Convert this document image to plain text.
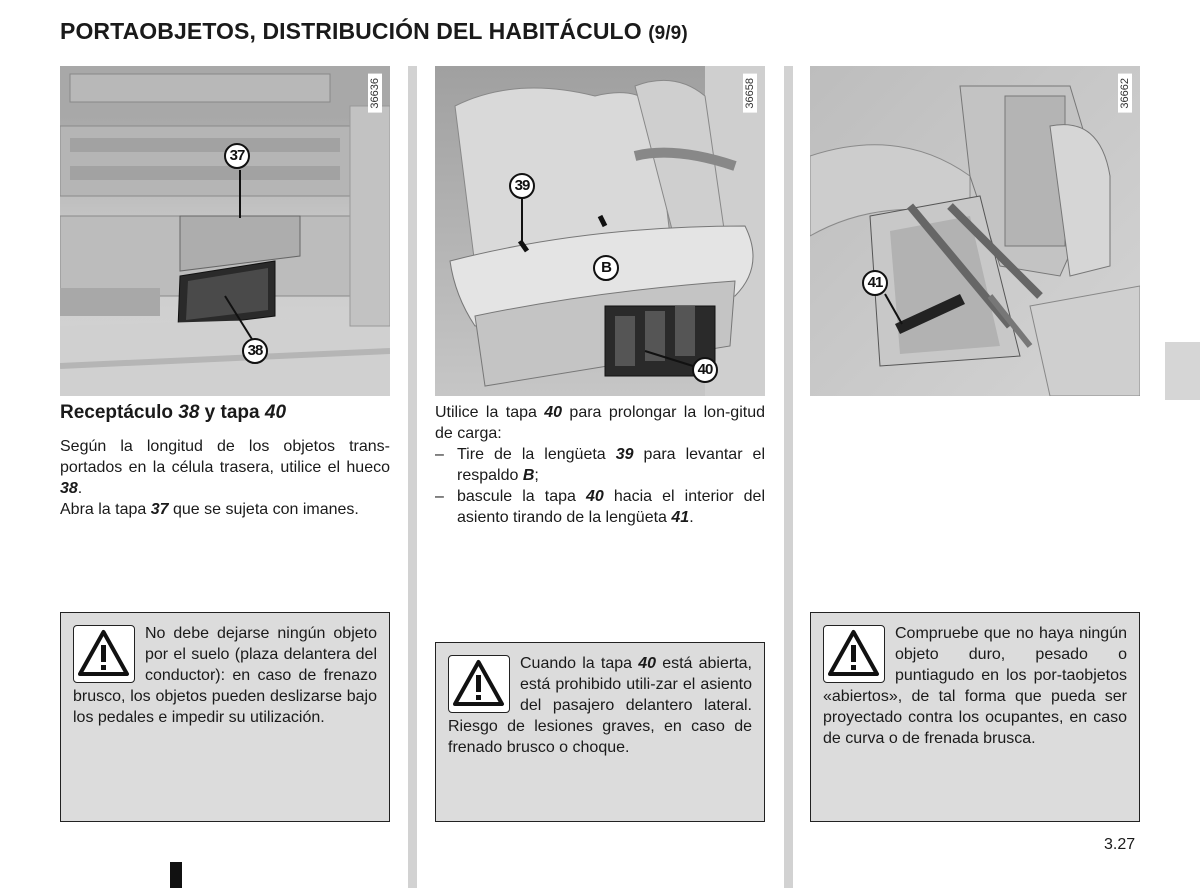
PORTAOBJETOS, DISTRIBUCIÓN DEL HABITÁCULO (9/9)
36636
37
38
36658
39
B
40
36662
41
Receptáculo 38 y tapa 40

Según la longitud de los objetos trans-portados en la célula trasera, utilice el hueco 38.

Abra la tapa 37 que se sujeta con imanes.

Utilice la tapa 40 para prolongar la lon-gitud de carga:

– Tire de la lengüeta 39 para levantar el respaldo B;
– bascule la tapa 40 hacia el interior del asiento tirando de la lengüeta 41.
No debe dejarse ningún objeto por el suelo (plaza delantera del conductor): en caso de frenazo brusco, los objetos pueden deslizarse bajo los pedales e impedir su utilización.
Cuando la tapa 40 está abierta, está prohibido utili-zar el asiento del pasajero delantero lateral. Riesgo de lesiones graves, en caso de frenado brusco o choque.
Compruebe que no haya ningún objeto duro, pesado o puntiagudo en los por-taobjetos «abiertos», de tal forma que pueda ser proyectado contra los ocupantes, en caso de curva o de frenada brusca.
3.27
